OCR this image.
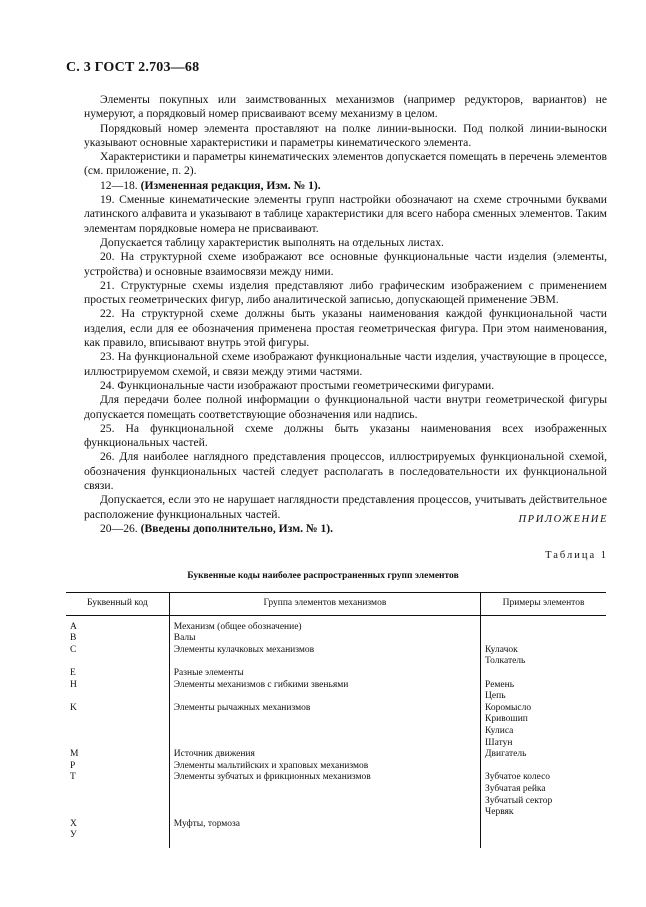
С. 3 ГОСТ 2.703—68

Элементы покупных или заимствованных механизмов (например редукторов, вариантов) не нумеруют, а порядковый номер присваивают всему механизму в целом.

Порядковый номер элемента проставляют на полке линии-выноски. Под полкой линии-выноски указывают основные характеристики и параметры кинематического элемента.

Характеристики и параметры кинематических элементов допускается помещать в перечень элементов (см. приложение, п. 2).

12—18. (Измененная редакция, Изм. № 1).

19. Сменные кинематические элементы групп настройки обозначают на схеме строчными буквами латинского алфавита и указывают в таблице характеристики для всего набора сменных элементов. Таким элементам порядковые номера не присваивают.

Допускается таблицу характеристик выполнять на отдельных листах.

20. На структурной схеме изображают все основные функциональные части изделия (элементы, устройства) и основные взаимосвязи между ними.

21. Структурные схемы изделия представляют либо графическим изображением с применением простых геометрических фигур, либо аналитической записью, допускающей применение ЭВМ.

22. На структурной схеме должны быть указаны наименования каждой функциональной части изделия, если для ее обозначения применена простая геометрическая фигура. При этом наименования, как правило, вписывают внутрь этой фигуры.

23. На функциональной схеме изображают функциональные части изделия, участвующие в процессе, иллюстрируемом схемой, и связи между этими частями.

24. Функциональные части изображают простыми геометрическими фигурами.

Для передачи более полной информации о функциональной части внутри геометрической фигуры допускается помещать соответствующие обозначения или надпись.

25. На функциональной схеме должны быть указаны наименования всех изображенных функциональных частей.

26. Для наиболее наглядного представления процессов, иллюстрируемых функциональной схемой, обозначения функциональных частей следует располагать в последовательности их функциональной связи.

Допускается, если это не нарушает наглядности представления процессов, учитывать действительное расположение функциональных частей.

20—26. (Введены дополнительно, Изм. № 1).

ПРИЛОЖЕНИЕ
Таблица 1
Буквенные коды наиболее распространенных групп элементов
Буквенный код	Группа элементов механизмов	Примеры элементов

A	Механизм (общее обозначение)	
B	Валы	
C	Элементы кулачковых механизмов	Кулачок
		Толкатель
E	Разные элементы	
H	Элементы механизмов с гибкими звеньями	Ремень
		Цепь
K	Элементы рычажных механизмов	Коромысло
		Кривошип
		Кулиса
		Шатун
M	Источник движения	Двигатель
P	Элементы мальтийских и храповых механизмов	
T	Элементы зубчатых и фрикционных механизмов	Зубчатое колесо
		Зубчатая рейка
		Зубчатый сектор
		Червяк
X	Муфты, тормоза	
У		
